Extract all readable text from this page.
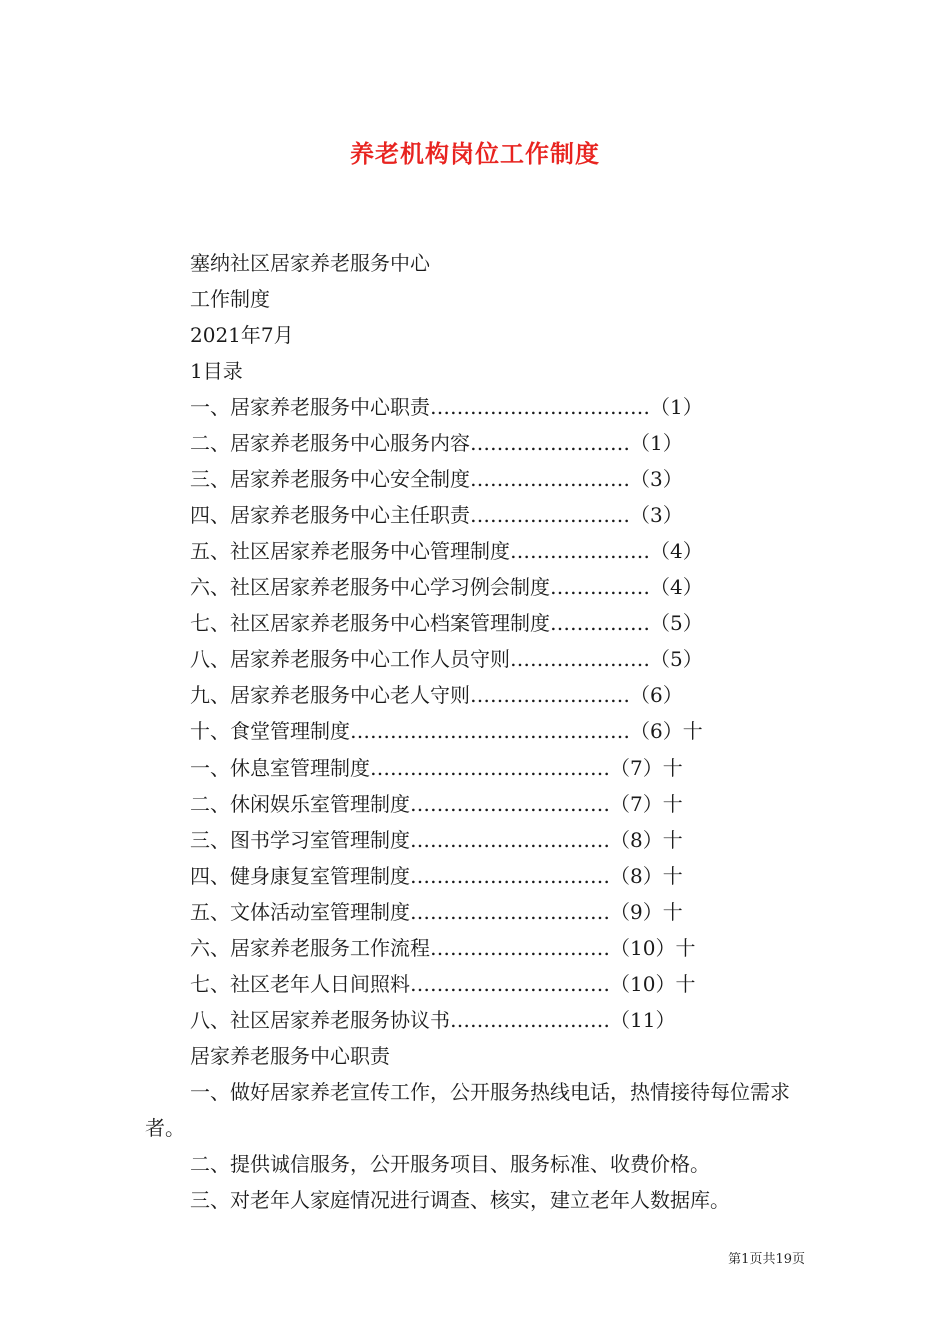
养老机构岗位工作制度
塞纳社区居家养老服务中心
工作制度
2021年7月
1目录
一、居家养老服务中心职责……………………………（1）
二、居家养老服务中心服务内容……………………（1）
三、居家养老服务中心安全制度……………………（3）
四、居家养老服务中心主任职责……………………（3）
五、社区居家养老服务中心管理制度…………………（4）
六、社区居家养老服务中心学习例会制度……………（4）
七、社区居家养老服务中心档案管理制度……………（5）
八、居家养老服务中心工作人员守则…………………（5）
九、居家养老服务中心老人守则……………………（6）
十、食堂管理制度……………………………………（6）十
一、休息室管理制度………………………………（7）十
二、休闲娱乐室管理制度…………………………（7）十
三、图书学习室管理制度…………………………（8）十
四、健身康复室管理制度…………………………（8）十
五、文体活动室管理制度…………………………（9）十
六、居家养老服务工作流程………………………（10）十
七、社区老年人日间照料…………………………（10）十
八、社区居家养老服务协议书……………………（11）
居家养老服务中心职责
一、做好居家养老宣传工作，公开服务热线电话，热情接待每位需求者。
二、提供诚信服务，公开服务项目、服务标准、收费价格。
三、对老年人家庭情况进行调查、核实，建立老年人数据库。
第1页共19页
